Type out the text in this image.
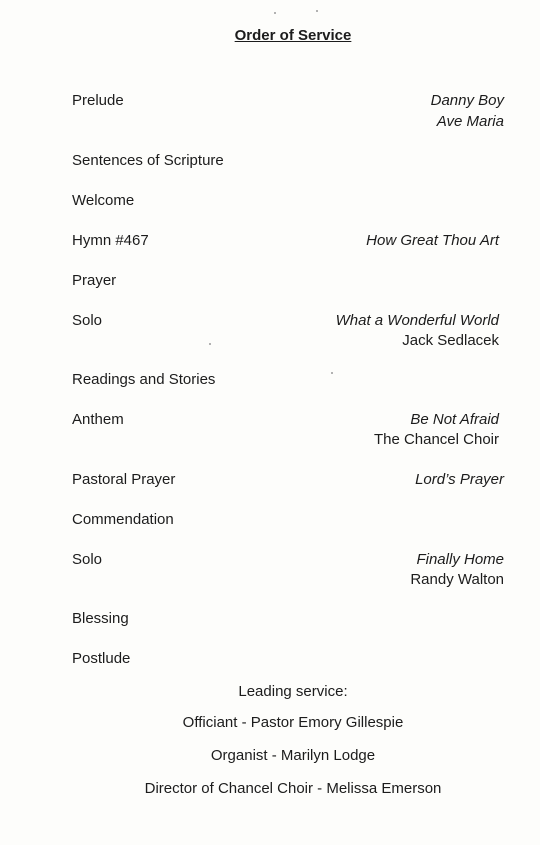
Order of Service
Prelude	Danny Boy
Ave Maria
Sentences of Scripture
Welcome
Hymn #467	How Great Thou Art
Prayer
Solo	What a Wonderful World
Jack Sedlacek
Readings and Stories
Anthem	Be Not Afraid
The Chancel Choir
Pastoral Prayer	Lord’s Prayer
Commendation
Solo	Finally Home
Randy Walton
Blessing
Postlude
Leading service:
Officiant - Pastor Emory Gillespie
Organist - Marilyn Lodge
Director of Chancel Choir - Melissa Emerson
